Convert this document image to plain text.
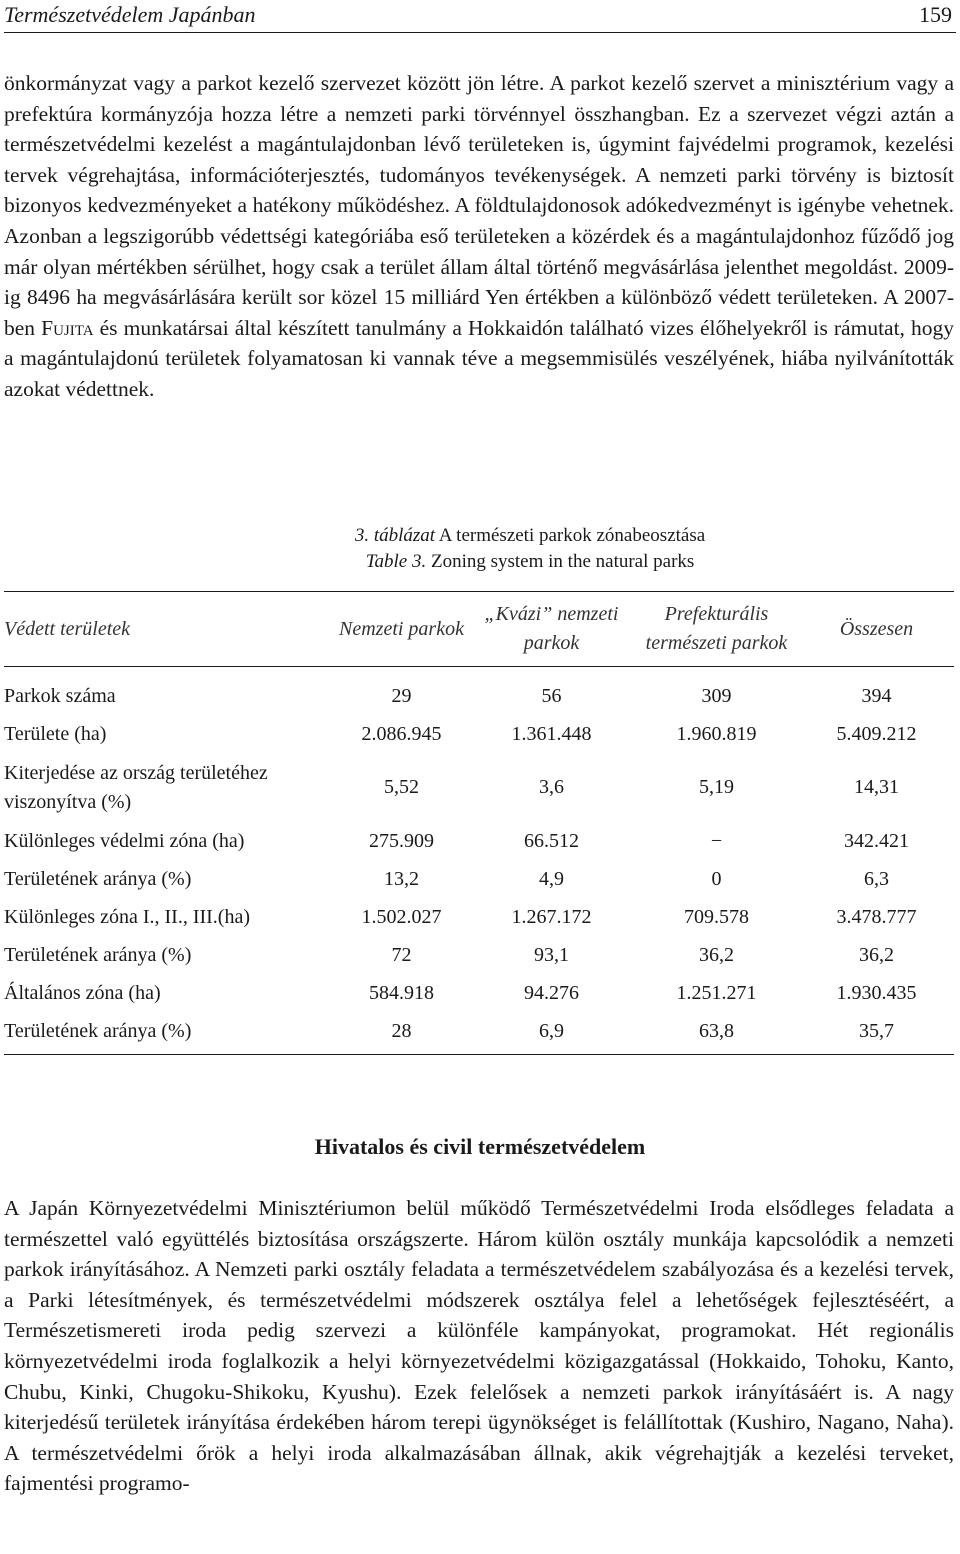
Természetvédelem Japánban	159

önkormányzat vagy a parkot kezelő szervezet között jön létre. A parkot kezelő szervet a minisztérium vagy a prefektúra kormányzója hozza létre a nemzeti parki törvénnyel összhangban. Ez a szervezet végzi aztán a természetvédelmi kezelést a magántulajdonban lévő területeken is, úgymint fajvédelmi programok, kezelési tervek végrehajtása, információterjesztés, tudományos tevékenységek. A nemzeti parki törvény is biztosít bizonyos kedvezményeket a hatékony működéshez. A földtulajdonosok adókedvezményt is igénybe vehetnek. Azonban a legszigorúbb védettségi kategóriába eső területeken a közérdek és a magántulajdonhoz fűződő jog már olyan mértékben sérülhet, hogy csak a terület állam által történő megvásárlása jelenthet megoldást. 2009-ig 8496 ha megvásárlására került sor közel 15 milliárd Yen értékben a különböző védett területeken. A 2007-ben Fujita és munkatársai által készített tanulmány a Hokkaidón található vizes élőhelyekről is rámutat, hogy a magántulajdonú területek folyamatosan ki vannak téve a megsemmisülés veszélyének, hiába nyilvánították azokat védettnek.

3. táblázat A természeti parkok zónabeosztása
Table 3. Zoning system in the natural parks
Védett területek	Nemzeti parkok	„Kvázi” nemzeti parkok	Prefekturális természeti parkok	Összesen
Parkok száma	29	56	309	394
Területe (ha)	2.086.945	1.361.448	1.960.819	5.409.212
Kiterjedése az ország területéhez viszonyítva (%)	5,52	3,6	5,19	14,31
Különleges védelmi zóna (ha)	275.909	66.512	−	342.421
Területének aránya (%)	13,2	4,9	0	6,3
Különleges zóna I., II., III.(ha)	1.502.027	1.267.172	709.578	3.478.777
Területének aránya (%)	72	93,1	36,2	36,2
Általános zóna (ha)	584.918	94.276	1.251.271	1.930.435
Területének aránya (%)	28	6,9	63,8	35,7
Hivatalos és civil természetvédelem

A Japán Környezetvédelmi Minisztériumon belül működő Természetvédelmi Iroda elsődleges feladata a természettel való együttélés biztosítása országszerte. Három külön osztály munkája kapcsolódik a nemzeti parkok irányításához. A Nemzeti parki osztály feladata a természetvédelem szabályozása és a kezelési tervek, a Parki létesítmények, és természetvédelmi módszerek osztálya felel a lehetőségek fejlesztéséért, a Természetismereti iroda pedig szervezi a különféle kampányokat, programokat. Hét regionális környezetvédelmi iroda foglalkozik a helyi környezetvédelmi közigazgatással (Hokkaido, Tohoku, Kanto, Chubu, Kinki, Chugoku-Shikoku, Kyushu). Ezek felelősek a nemzeti parkok irányításáért is. A nagy kiterjedésű területek irányítása érdekében három terepi ügynökséget is felállítottak (Kushiro, Nagano, Naha). A természetvédelmi őrök a helyi iroda alkalmazásában állnak, akik végrehajtják a kezelési terveket, fajmentési programo-
